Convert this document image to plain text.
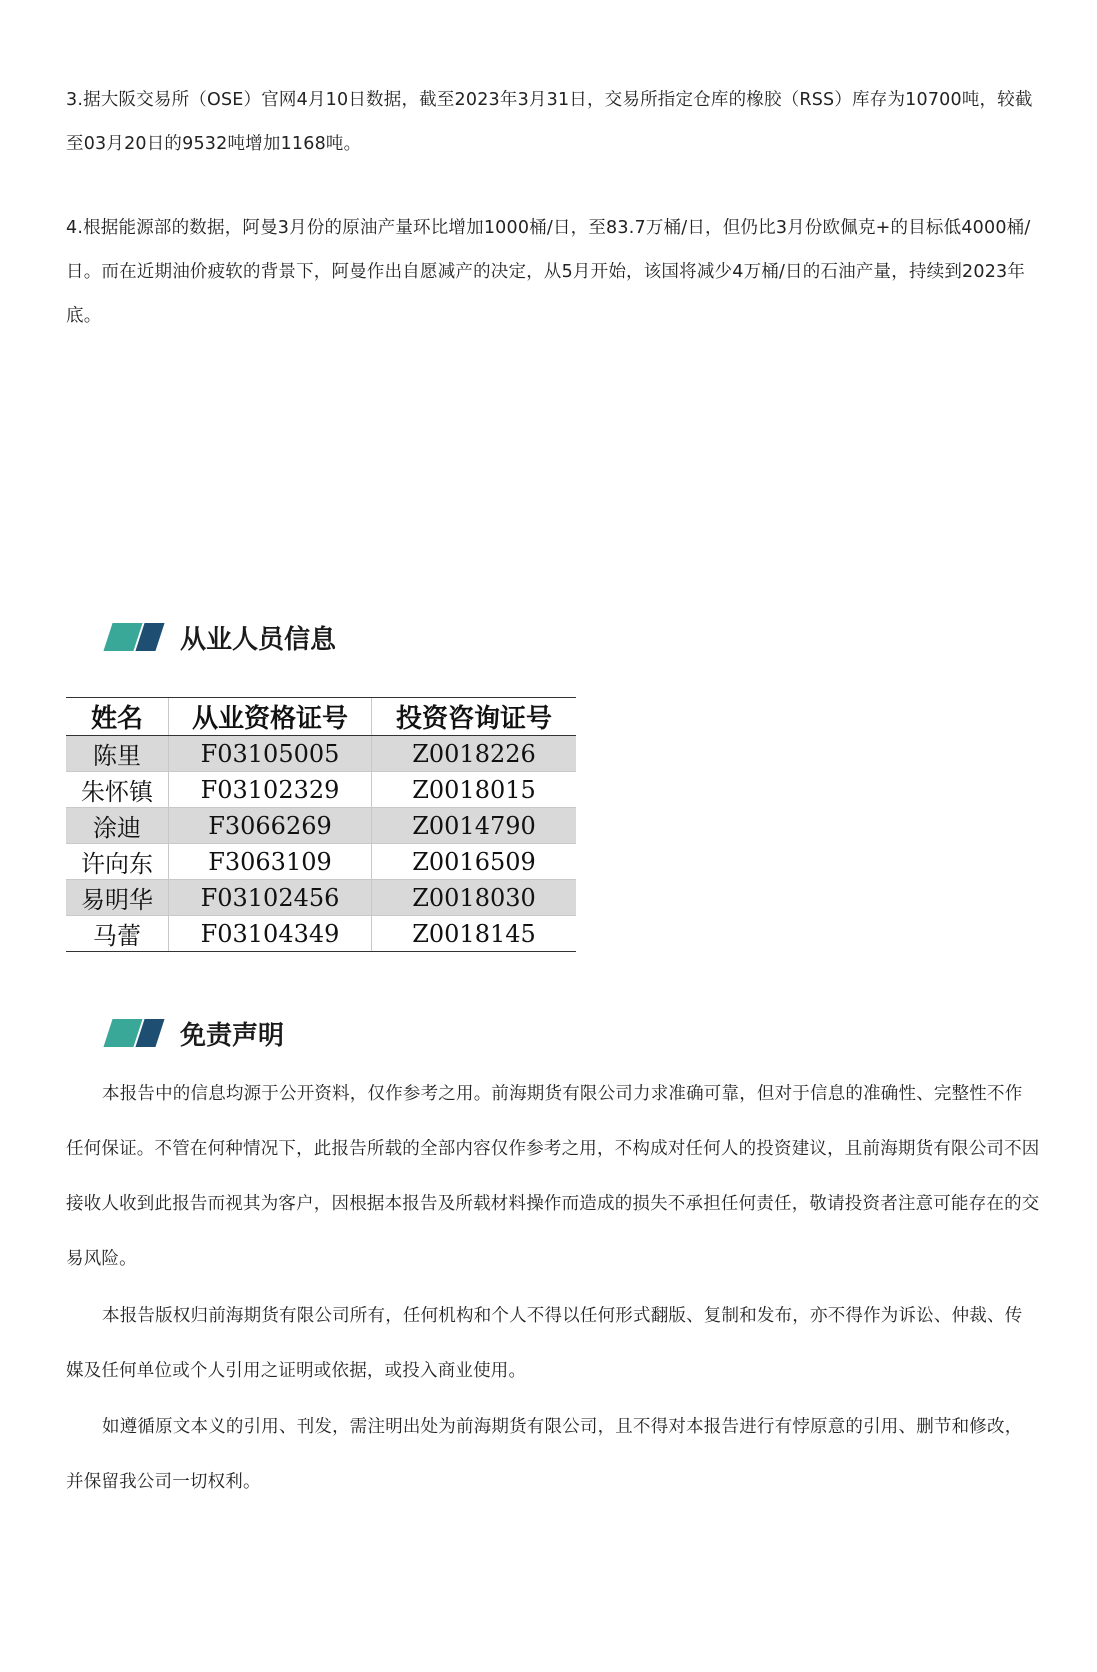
3.据大阪交易所（OSE）官网4月10日数据，截至2023年3月31日，交易所指定仓库的橡胶（RSS）库存为10700吨，较截至03月20日的9532吨增加1168吨。

4.根据能源部的数据，阿曼3月份的原油产量环比增加1000桶/日，至83.7万桶/日，但仍比3月份欧佩克+的目标低4000桶/日。而在近期油价疲软的背景下，阿曼作出自愿减产的决定，从5月开始，该国将减少4万桶/日的石油产量，持续到2023年底。

从业人员信息
姓名	从业资格证号	投资咨询证号
陈里	F03105005	Z0018226
朱怀镇	F03102329	Z0018015
涂迪	F3066269	Z0014790
许向东	F3063109	Z0016509
易明华	F03102456	Z0018030
马蕾	F03104349	Z0018145
免责声明

本报告中的信息均源于公开资料，仅作参考之用。前海期货有限公司力求准确可靠，但对于信息的准确性、完整性不作任何保证。不管在何种情况下，此报告所载的全部内容仅作参考之用，不构成对任何人的投资建议，且前海期货有限公司不因接收人收到此报告而视其为客户，因根据本报告及所载材料操作而造成的损失不承担任何责任，敬请投资者注意可能存在的交易风险。

本报告版权归前海期货有限公司所有，任何机构和个人不得以任何形式翻版、复制和发布，亦不得作为诉讼、仲裁、传媒及任何单位或个人引用之证明或依据，或投入商业使用。

如遵循原文本义的引用、刊发，需注明出处为前海期货有限公司，且不得对本报告进行有悖原意的引用、删节和修改，并保留我公司一切权利。
